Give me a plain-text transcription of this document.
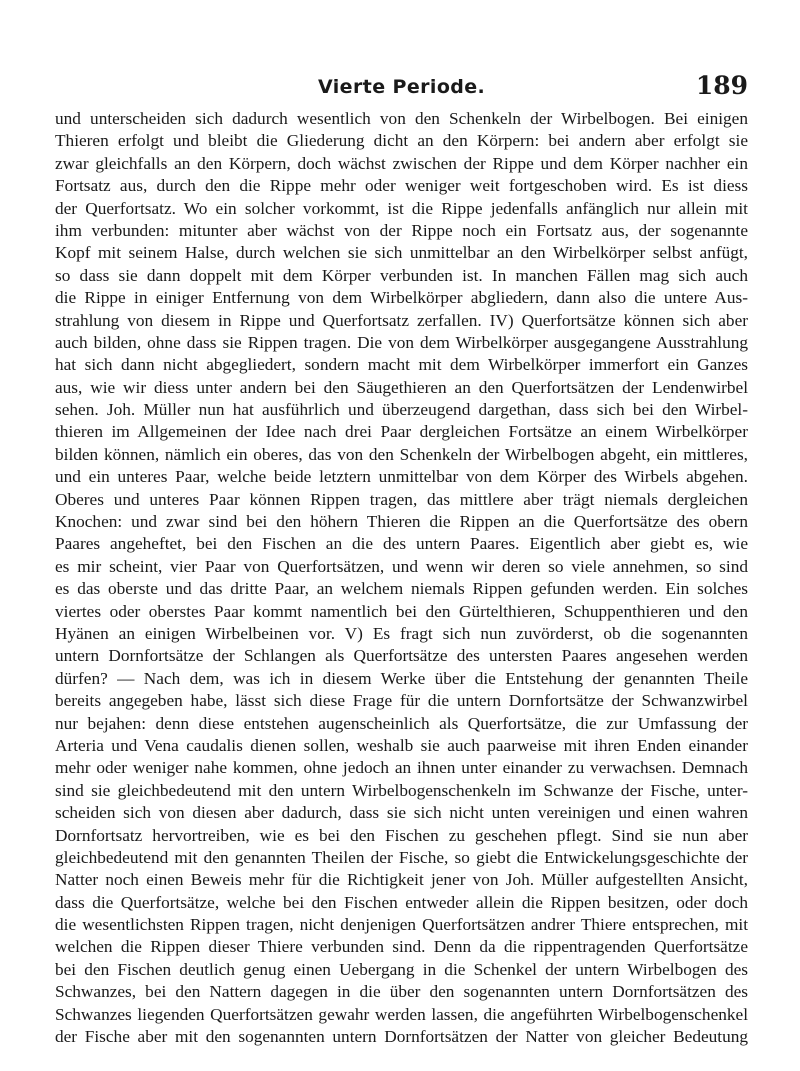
Vierte Periode.	189
und unterscheiden sich dadurch wesentlich von den Schenkeln der Wirbelbogen. Bei einigen
Thieren erfolgt und bleibt die Gliederung dicht an den Körpern: bei andern aber erfolgt sie
zwar gleichfalls an den Körpern, doch wächst zwischen der Rippe und dem Körper nachher ein
Fortsatz aus, durch den die Rippe mehr oder weniger weit fortgeschoben wird. Es ist diess
der Querfortsatz. Wo ein solcher vorkommt, ist die Rippe jedenfalls anfänglich nur allein mit
ihm verbunden: mitunter aber wächst von der Rippe noch ein Fortsatz aus, der sogenannte
Kopf mit seinem Halse, durch welchen sie sich unmittelbar an den Wirbelkörper selbst anfügt,
so dass sie dann doppelt mit dem Körper verbunden ist. In manchen Fällen mag sich auch
die Rippe in einiger Entfernung von dem Wirbelkörper abgliedern, dann also die untere Aus-
strahlung von diesem in Rippe und Querfortsatz zerfallen. IV) Querfortsätze können sich aber
auch bilden, ohne dass sie Rippen tragen. Die von dem Wirbelkörper ausgegangene Ausstrahlung
hat sich dann nicht abgegliedert, sondern macht mit dem Wirbelkörper immerfort ein Ganzes
aus, wie wir diess unter andern bei den Säugethieren an den Querfortsätzen der Lendenwirbel
sehen. Joh. Müller nun hat ausführlich und überzeugend dargethan, dass sich bei den Wirbel-
thieren im Allgemeinen der Idee nach drei Paar dergleichen Fortsätze an einem Wirbelkörper
bilden können, nämlich ein oberes, das von den Schenkeln der Wirbelbogen abgeht, ein mittleres,
und ein unteres Paar, welche beide letztern unmittelbar von dem Körper des Wirbels abgehen.
Oberes und unteres Paar können Rippen tragen, das mittlere aber trägt niemals dergleichen
Knochen: und zwar sind bei den höhern Thieren die Rippen an die Querfortsätze des obern
Paares angeheftet, bei den Fischen an die des untern Paares. Eigentlich aber giebt es, wie
es mir scheint, vier Paar von Querfortsätzen, und wenn wir deren so viele annehmen, so sind
es das oberste und das dritte Paar, an welchem niemals Rippen gefunden werden. Ein solches
viertes oder oberstes Paar kommt namentlich bei den Gürtelthieren, Schuppenthieren und den
Hyänen an einigen Wirbelbeinen vor. V) Es fragt sich nun zuvörderst, ob die sogenannten
untern Dornfortsätze der Schlangen als Querfortsätze des untersten Paares angesehen werden
dürfen? — Nach dem, was ich in diesem Werke über die Entstehung der genannten Theile
bereits angegeben habe, lässt sich diese Frage für die untern Dornfortsätze der Schwanzwirbel
nur bejahen: denn diese entstehen augenscheinlich als Querfortsätze, die zur Umfassung der
Arteria und Vena caudalis dienen sollen, weshalb sie auch paarweise mit ihren Enden einander
mehr oder weniger nahe kommen, ohne jedoch an ihnen unter einander zu verwachsen. Demnach
sind sie gleichbedeutend mit den untern Wirbelbogenschenkeln im Schwanze der Fische, unter-
scheiden sich von diesen aber dadurch, dass sie sich nicht unten vereinigen und einen wahren
Dornfortsatz hervortreiben, wie es bei den Fischen zu geschehen pflegt. Sind sie nun aber
gleichbedeutend mit den genannten Theilen der Fische, so giebt die Entwickelungsgeschichte der
Natter noch einen Beweis mehr für die Richtigkeit jener von Joh. Müller aufgestellten Ansicht,
dass die Querfortsätze, welche bei den Fischen entweder allein die Rippen besitzen, oder doch
die wesentlichsten Rippen tragen, nicht denjenigen Querfortsätzen andrer Thiere entsprechen, mit
welchen die Rippen dieser Thiere verbunden sind. Denn da die rippentragenden Querfortsätze
bei den Fischen deutlich genug einen Uebergang in die Schenkel der untern Wirbelbogen des
Schwanzes, bei den Nattern dagegen in die über den sogenannten untern Dornfortsätzen des
Schwanzes liegenden Querfortsätzen gewahr werden lassen, die angeführten Wirbelbogenschenkel
der Fische aber mit den sogenannten untern Dornfortsätzen der Natter von gleicher Bedeutung
